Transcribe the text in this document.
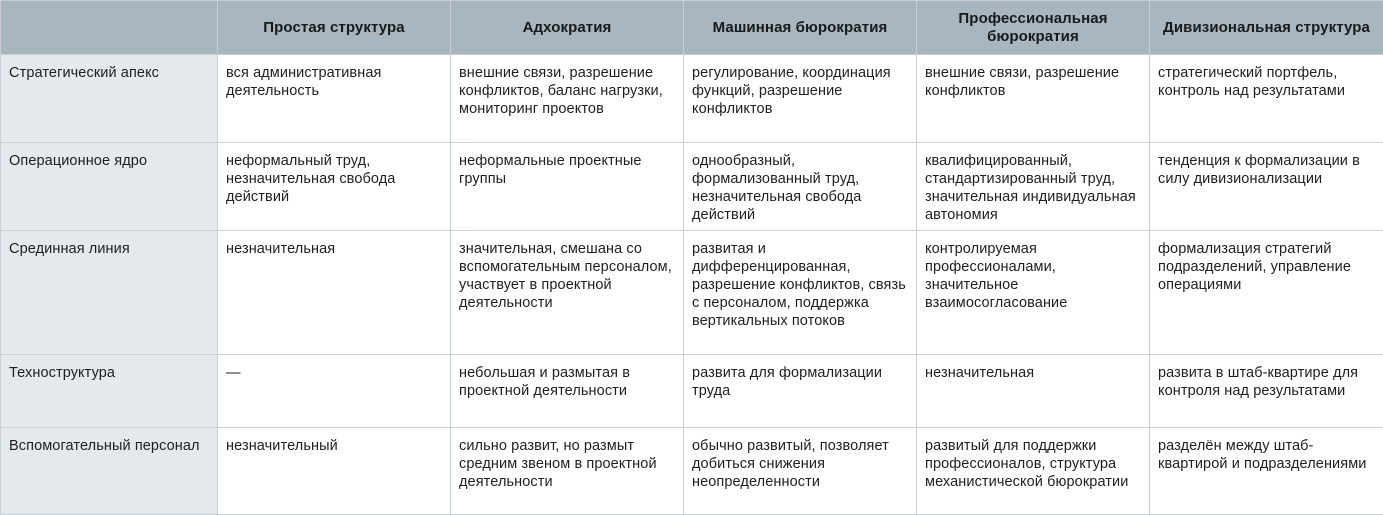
	Простая структура	Адхократия	Машинная бюрократия	Профессиональная бюрократия	Дивизиональная структура
Стратегический апекс	вся административная деятельность	внешние связи, разрешение конфликтов, баланс нагрузки, мониторинг проектов	регулирование, координация функций, разрешение конфликтов	внешние связи, разрешение конфликтов	стратегический портфель, контроль над результатами
Операционное ядро	неформальный труд, незначительная свобода действий	неформальные проектные группы	однообразный, формализованный труд, незначительная свобода действий	квалифицированный, стандартизированный труд, значительная индивидуальная автономия	тенденция к формализации в силу дивизионализации
Срединная линия	незначительная	значительная, смешана со вспомогательным персоналом, участвует в проектной деятельности	развитая и дифференцированная, разрешение конфликтов, связь с персоналом, поддержка вертикальных потоков	контролируемая профессионалами, значительное взаимосогласование	формализация стратегий подразделений, управление операциями
Техноструктура	—	небольшая и размытая в проектной деятельности	развита для формализации труда	незначительная	развита в штаб-квартире для контроля над результатами
Вспомогательный персонал	незначительный	сильно развит, но размыт средним звеном в проектной деятельности	обычно развитый, позволяет добиться снижения неопределенности	развитый для поддержки профессионалов, структура механистической бюрократии	разделён между штаб-квартирой и подразделениями
